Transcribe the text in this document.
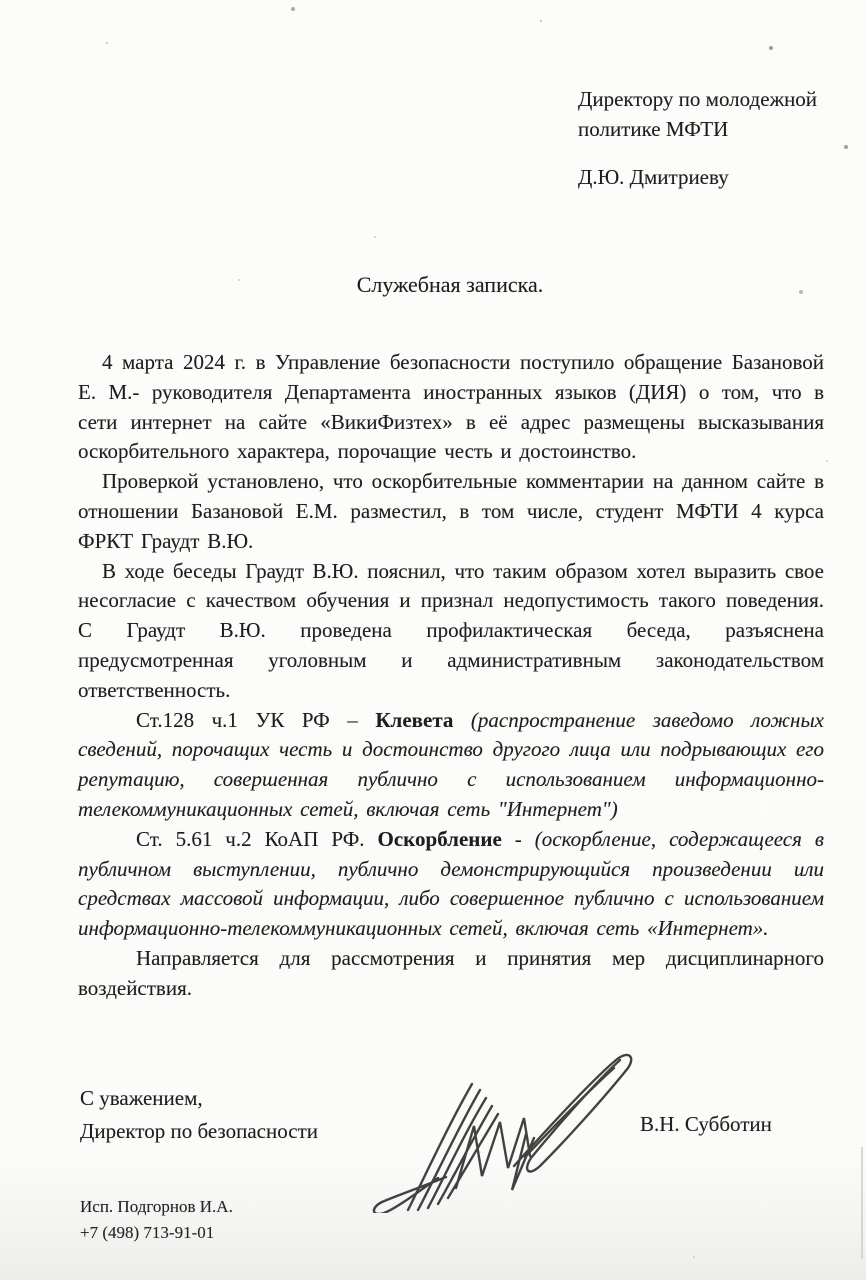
Директору по молодежной
политике МФТИ
Д.Ю. Дмитриеву
Служебная записка.

4 марта 2024 г. в Управление безопасности поступило обращение Базановой Е. М.- руководителя Департамента иностранных языков (ДИЯ) о том, что в сети интернет на сайте «ВикиФизтех» в её адрес размещены высказывания оскорбительного характера, порочащие честь и достоинство.

Проверкой установлено, что оскорбительные комментарии на данном сайте в отношении Базановой Е.М. разместил, в том числе, студент МФТИ 4 курса ФРКТ Граудт В.Ю.

В ходе беседы Граудт В.Ю. пояснил, что таким образом хотел выразить свое несогласие с качеством обучения и признал недопустимость такого поведения. С Граудт В.Ю. проведена профилактическая беседа, разъяснена предусмотренная уголовным и административным законодательством ответственность.

Ст.128 ч.1 УК РФ – Клевета (распространение заведомо ложных сведений, порочащих честь и достоинство другого лица или подрывающих его репутацию, совершенная публично с использованием информационно-телекоммуникационных сетей, включая сеть "Интернет")

Ст. 5.61 ч.2 КоАП РФ. Оскорбление - (оскорбление, содержащееся в публичном выступлении, публично демонстрирующийся произведении или средствах массовой информации, либо совершенное публично с использованием информационно-телекоммуникационных сетей, включая сеть «Интернет».

Направляется для рассмотрения и принятия мер дисциплинарного воздействия.

С уважением,
Директор по безопасности	В.Н. Субботин
Исп. Подгорнов И.А.
+7 (498) 713-91-01
